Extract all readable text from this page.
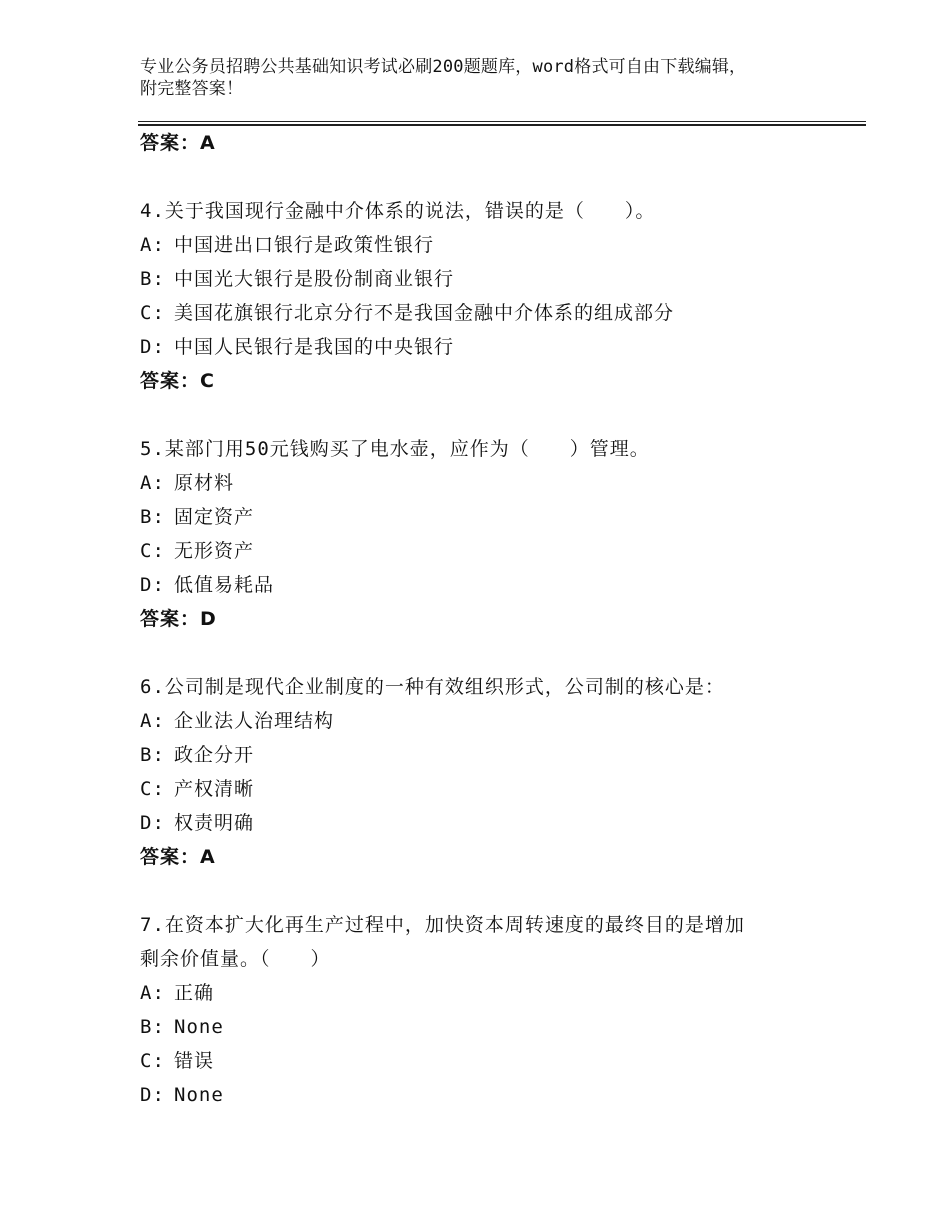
专业公务员招聘公共基础知识考试必刷200题题库，word格式可自由下载编辑，
附完整答案！
答案：A
4.关于我国现行金融中介体系的说法，错误的是（　　）。
A: 中国进出口银行是政策性银行
B: 中国光大银行是股份制商业银行
C: 美国花旗银行北京分行不是我国金融中介体系的组成部分
D: 中国人民银行是我国的中央银行
答案：C
5.某部门用50元钱购买了电水壶，应作为（　　）管理。
A: 原材料
B: 固定资产
C: 无形资产
D: 低值易耗品
答案：D
6.公司制是现代企业制度的一种有效组织形式，公司制的核心是：
A: 企业法人治理结构
B: 政企分开
C: 产权清晰
D: 权责明确
答案：A
7.在资本扩大化再生产过程中，加快资本周转速度的最终目的是增加
剩余价值量。（　　）
A: 正确
B: None
C: 错误
D: None
